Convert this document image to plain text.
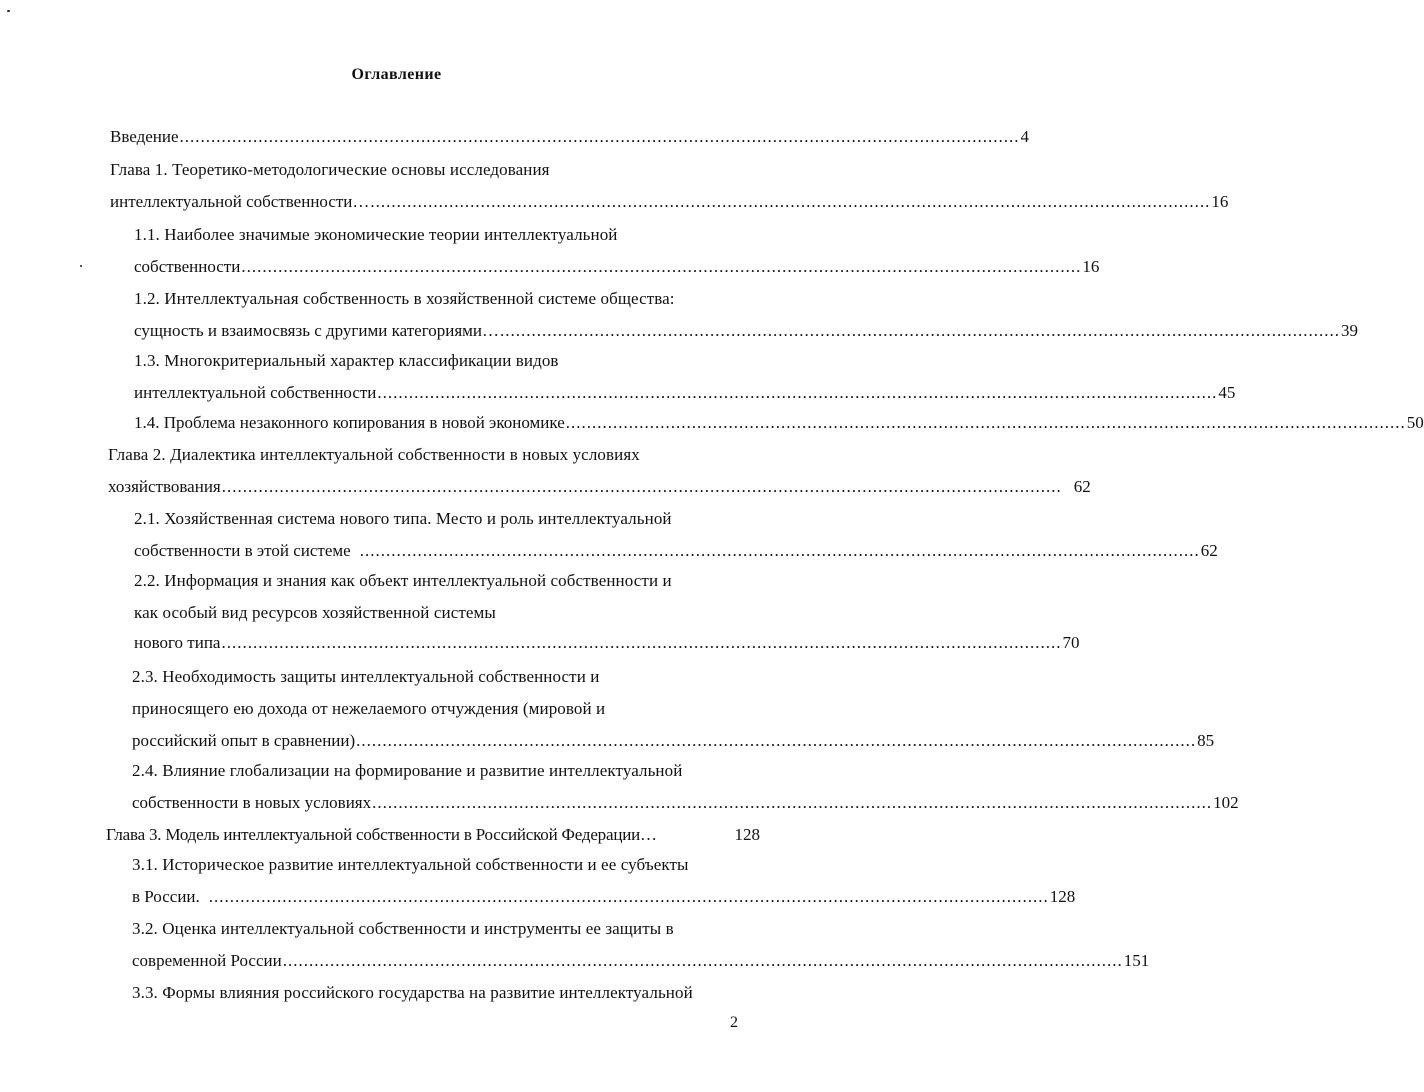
Оглавление
Введение ................................................................................................................................................................ 4
Глава 1. Теоретико-методологические основы исследования
интеллектуальной собственности… ................................................................................................................................................................ 16
1.1. Наиболее значимые экономические теории интеллектуальной
собственности ................................................................................................................................................................ 16
1.2. Интеллектуальная собственность в хозяйственной системе общества:
сущность и взаимосвязь с другими категориями… ................................................................................................................................................................ 39
1.3. Многокритериальный характер классификации видов
интеллектуальной собственности ................................................................................................................................................................ 45
1.4. Проблема незаконного копирования в новой экономике ................................................................................................................................................................ 50
Глава 2. Диалектика интеллектуальной собственности в новых условиях
хозяйствования ................................................................................................................................................................ 62
2.1. Хозяйственная система нового типа. Место и роль интеллектуальной
собственности в этой системе ................................................................................................................................................................ 62
2.2. Информация и знания как объект интеллектуальной собственности и
как особый вид ресурсов хозяйственной системы
нового типа ................................................................................................................................................................ 70
2.3. Необходимость защиты интеллектуальной собственности и
приносящего ею дохода от нежелаемого отчуждения (мировой и
российский опыт в сравнении) ................................................................................................................................................................ 85
2.4. Влияние глобализации на формирование и развитие интеллектуальной
собственности в новых условиях ................................................................................................................................................................ 102
Глава 3. Модель интеллектуальной собственности в Российской Федерации…	128
3.1. Историческое развитие интеллектуальной собственности и ее субъекты
в России. ................................................................................................................................................................ 128
3.2. Оценка интеллектуальной собственности и инструменты ее защиты в
современной России ................................................................................................................................................................ 151
3.3. Формы влияния российского государства на развитие интеллектуальной
2
